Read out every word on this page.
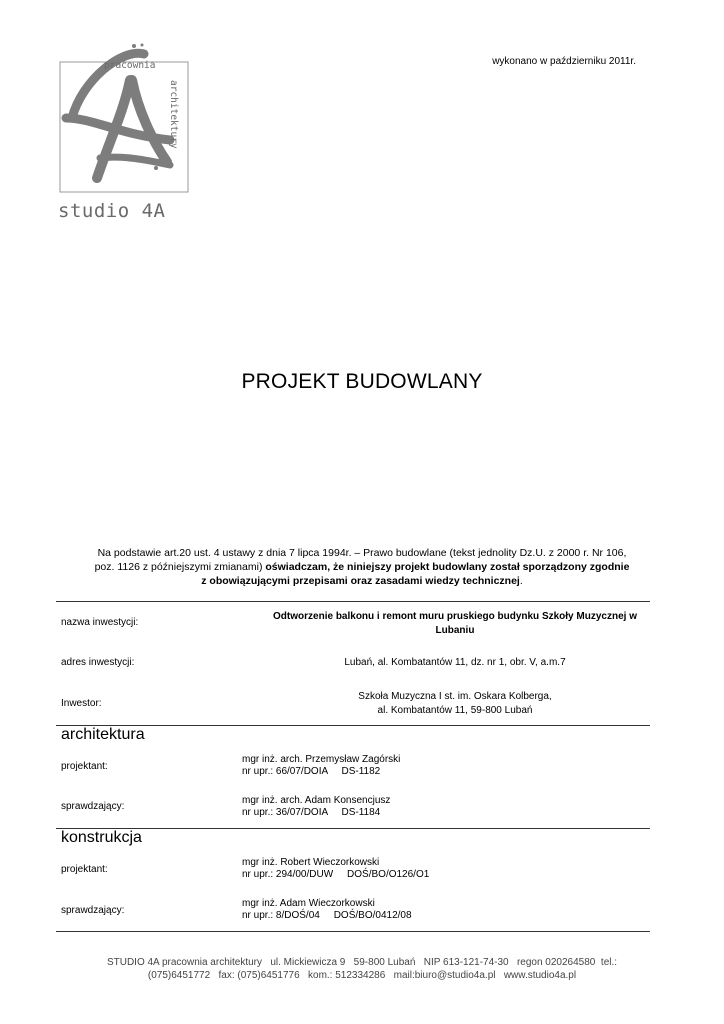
pracownia
architektury
studio 4A
wykonano w październiku 2011r.
PROJEKT BUDOWLANY
Na podstawie art.20 ust. 4 ustawy z dnia 7 lipca 1994r. – Prawo budowlane (tekst jednolity Dz.U. z 2000 r. Nr 106,
poz. 1126 z późniejszymi zmianami) oświadczam, że niniejszy projekt budowlany został sporządzony zgodnie
z obowiązującymi przepisami oraz zasadami wiedzy technicznej.
nazwa inwestycji:
Odtworzenie balkonu i remont muru pruskiego budynku Szkoły Muzycznej w
Lubaniu
adres inwestycji:	Lubań, al. Kombatantów 11, dz. nr 1, obr. V, a.m.7
Inwestor:
Szkoła Muzyczna I st. im. Oskara Kolberga,
al. Kombatantów 11, 59-800 Lubań
architektura
projektant:
mgr inż. arch. Przemysław Zagórski
nr upr.: 66/07/DOIA     DS-1182
sprawdzający:
mgr inż. arch. Adam Konsencjusz
nr upr.: 36/07/DOIA     DS-1184
konstrukcja
projektant:
mgr inż. Robert Wieczorkowski
nr upr.: 294/00/DUW     DOŚ/BO/O126/O1
sprawdzający:
mgr inż. Adam Wieczorkowski
nr upr.: 8/DOŚ/04     DOŚ/BO/0412/08
STUDIO 4A pracownia architektury   ul. Mickiewicza 9   59-800 Lubań   NIP 613-121-74-30   regon 020264580  tel.:
(075)6451772   fax: (075)6451776   kom.: 512334286   mail:biuro@studio4a.pl   www.studio4a.pl
